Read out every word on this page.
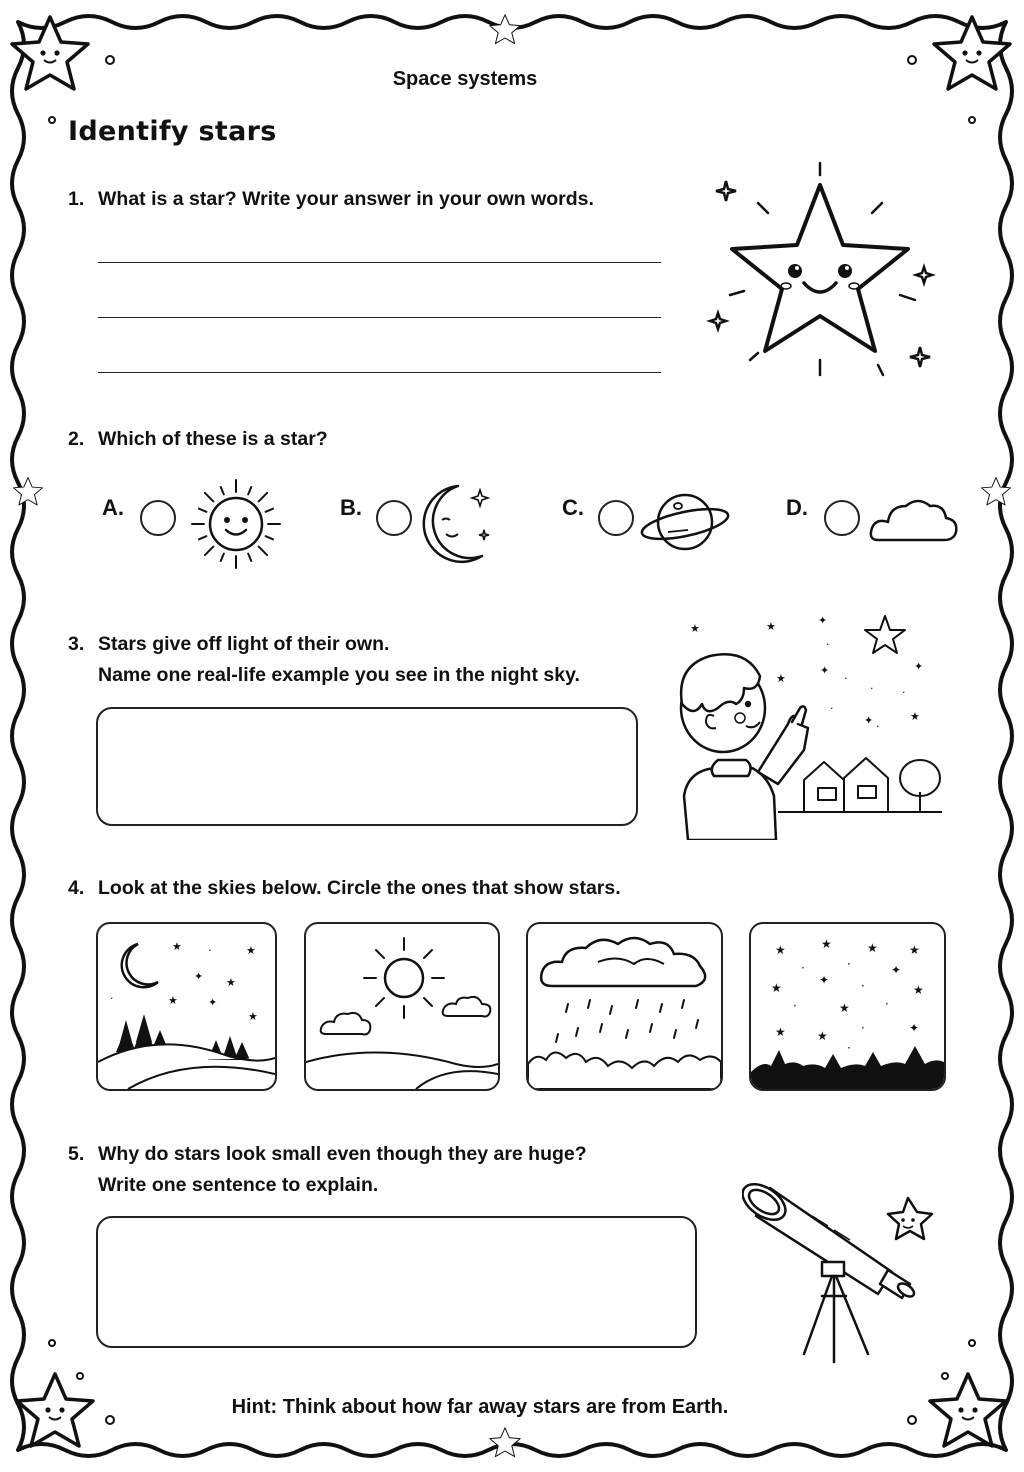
Space systems
Identify stars
1. What is a star? Write your answer in your own words.
2. Which of these is a star?
A.	B.	C.	D.
3. Stars give off light of their own.
Name one real-life example you see in the night sky.
★	★	✦
·
★
✦	✦
★
·
·
·
·
✦
·
4. Look at the skies below. Circle the ones that show stars.
★ ·	★
✦ ★
★	✦
★
·
★	★	★	★
·	·	✦
★
✦	·	★
·	★	·
★	★
·	✦
·
5. Why do stars look small even though they are huge?
Write one sentence to explain.
Hint: Think about how far away stars are from Earth.
